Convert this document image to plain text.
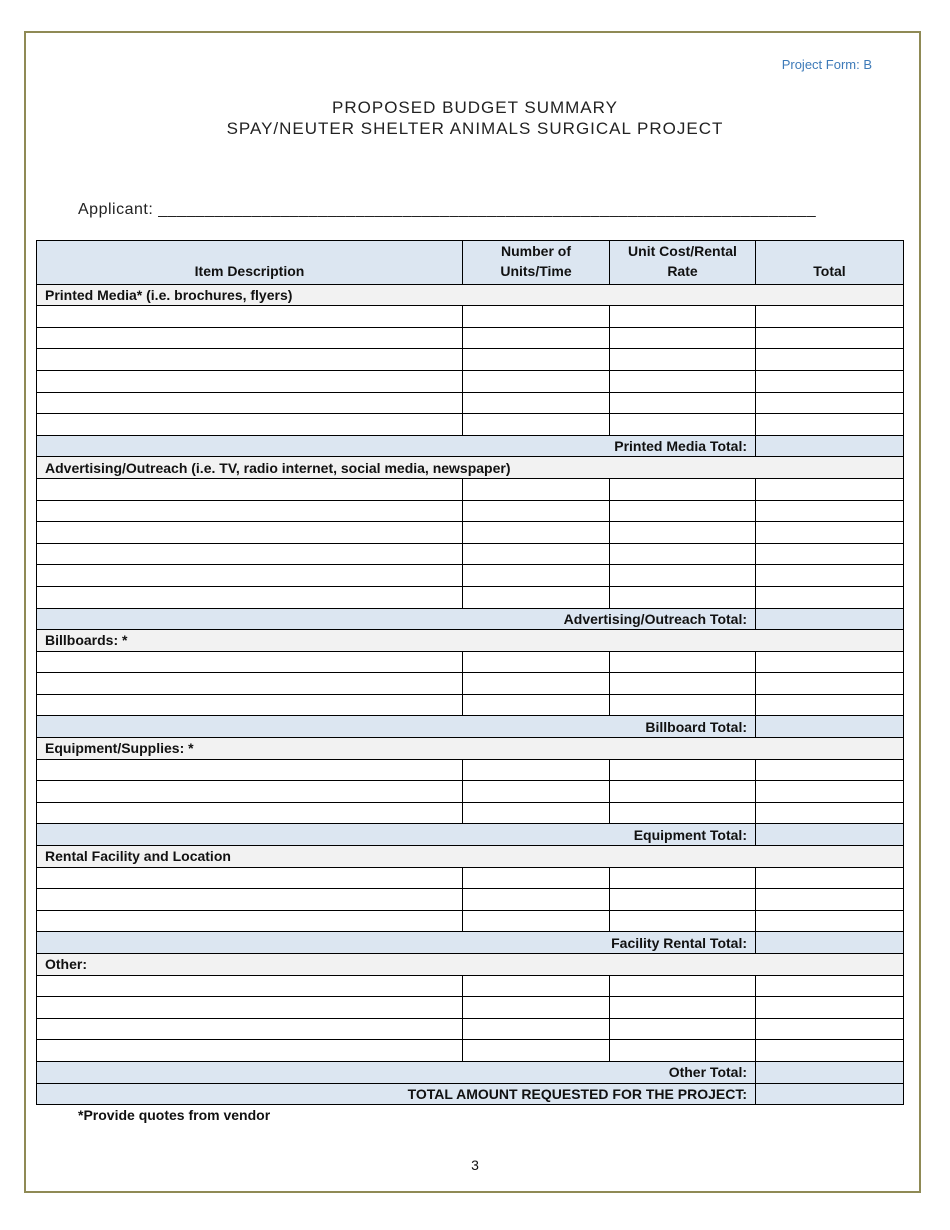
Project Form: B
PROPOSED BUDGET SUMMARY
SPAY/NEUTER SHELTER ANIMALS SURGICAL PROJECT
Applicant: ______________________________________________________________________
Item Description	Number of Units/Time	Unit Cost/Rental Rate	Total
Printed Media* (i.e. brochures, flyers)			

Printed Media Total:			
Advertising/Outreach (i.e. TV, radio internet, social media, newspaper)			

Advertising/Outreach Total:			
Billboards: *			

Billboard Total:			
Equipment/Supplies: *			

Equipment Total:			
Rental Facility and Location			

Facility Rental Total:			
Other:			

Other Total:			
TOTAL AMOUNT REQUESTED FOR THE PROJECT:			
*Provide quotes from vendor
3
